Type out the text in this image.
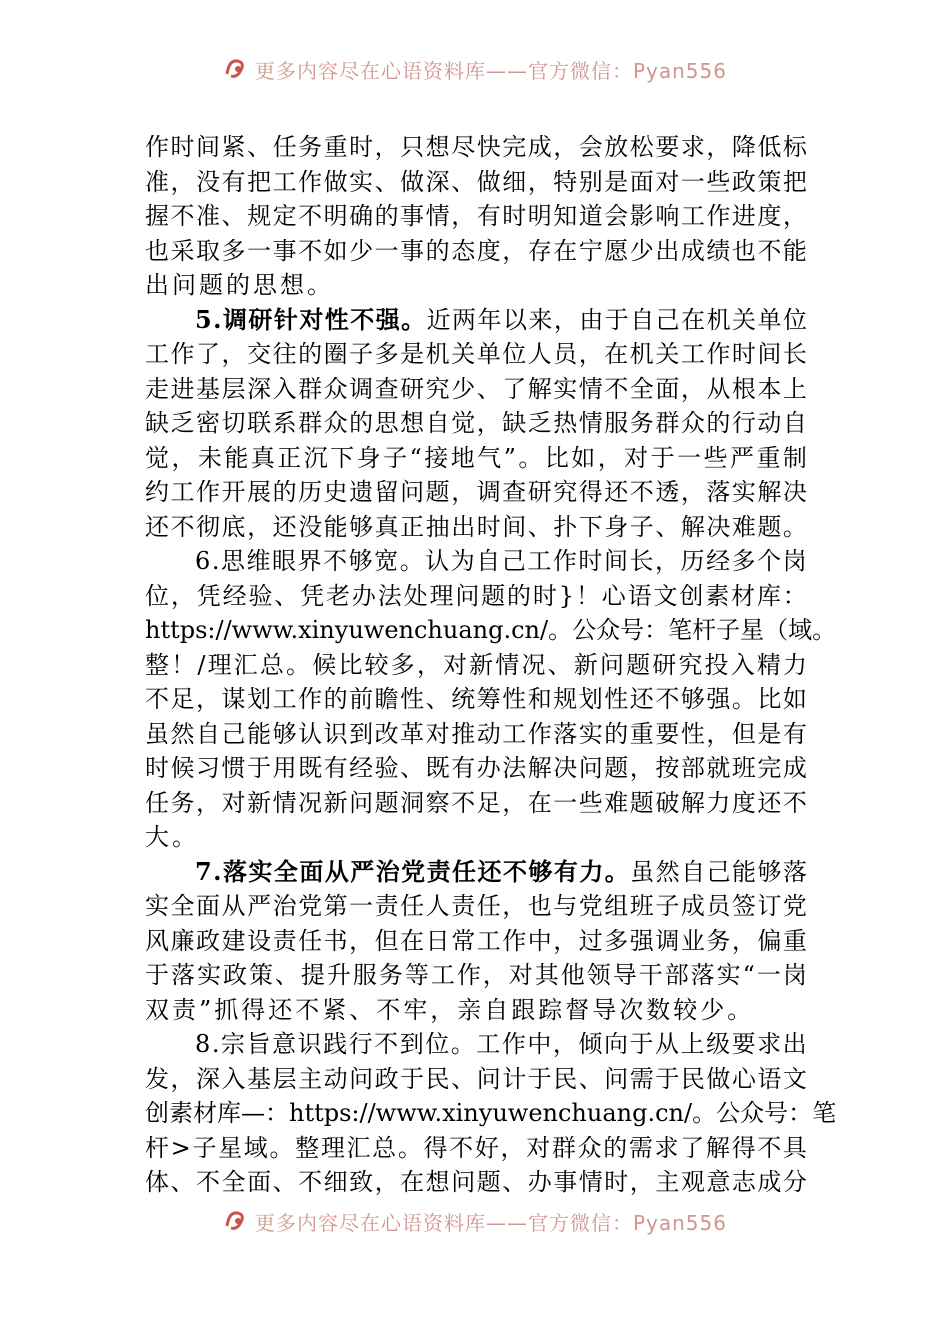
更多内容尽在心语资料库——官方微信：Pyan556
作 时 间 紧 、 任 务 重 时 ， 只 想 尽 快 完 成 ， 会 放 松 要 求 ， 降 低 标
准 ， 没 有 把 工 作 做 实 、 做 深 、 做 细 ， 特 别 是 面 对 一 些 政 策 把
握 不 准 、 规 定 不 明 确 的 事 情 ， 有 时 明 知 道 会 影 响 工 作 进 度 ，
也 采 取 多 一 事 不 如 少 一 事 的 态 度 ， 存 在 宁 愿 少 出 成 绩 也 不 能
出 问 题 的 思 想 。
5 . 调 研 针 对 性 不 强 。 近 两 年 以 来 ， 由 于 自 己 在 机 关 单 位
工 作 了 ， 交 往 的 圈 子 多 是 机 关 单 位 人 员 ， 在 机 关 工 作 时 间 长
走 进 基 层 深 入 群 众 调 查 研 究 少 、 了 解 实 情 不 全 面 ， 从 根 本 上
缺 乏 密 切 联 系 群 众 的 思 想 自 觉 ， 缺 乏 热 情 服 务 群 众 的 行 动 自
觉 ， 未 能 真 正 沉 下 身 子 “ 接 地 气 ” 。 比 如 ， 对 于 一 些 严 重 制
约 工 作 开 展 的 历 史 遗 留 问 题 ， 调 查 研 究 得 还 不 透 ， 落 实 解 决
还 不 彻 底 ， 还 没 能 够 真 正 抽 出 时 间 、 扑 下 身 子 、 解 决 难 题 。
6 . 思 维 眼 界 不 够 宽 。 认 为 自 己 工 作 时 间 长 ， 历 经 多 个 岗
位 ， 凭 经 验 、 凭 老 办 法 处 理 问 题 的 时 } ！ 心 语 文 创 素 材 库 ：
https://www.xinyuwenchuang.cn/ 。 公 众 号 ： 笔 杆 子 星 （ 域 。
整 ！ / 理 汇 总 。 候 比 较 多 ， 对 新 情 况 、 新 问 题 研 究 投 入 精 力
不 足 ， 谋 划 工 作 的 前 瞻 性 、 统 筹 性 和 规 划 性 还 不 够 强 。 比 如
虽 然 自 己 能 够 认 识 到 改 革 对 推 动 工 作 落 实 的 重 要 性 ， 但 是 有
时 候 习 惯 于 用 既 有 经 验 、 既 有 办 法 解 决 问 题 ， 按 部 就 班 完 成
任 务 ， 对 新 情 况 新 问 题 洞 察 不 足 ， 在 一 些 难 题 破 解 力 度 还 不
大 。
7 . 落 实 全 面 从 严 治 党 责 任 还 不 够 有 力 。 虽 然 自 己 能 够 落
实 全 面 从 严 治 党 第 一 责 任 人 责 任 ， 也 与 党 组 班 子 成 员 签 订 党
风 廉 政 建 设 责 任 书 ， 但 在 日 常 工 作 中 ， 过 多 强 调 业 务 ， 偏 重
于 落 实 政 策 、 提 升 服 务 等 工 作 ， 对 其 他 领 导 干 部 落 实 “ 一 岗
双 责 ” 抓 得 还 不 紧 、 不 牢 ， 亲 自 跟 踪 督 导 次 数 较 少 。
8 . 宗 旨 意 识 践 行 不 到 位 。 工 作 中 ， 倾 向 于 从 上 级 要 求 出
发 ， 深 入 基 层 主 动 问 政 于 民 、 问 计 于 民 、 问 需 于 民 做 心 语 文
创 素 材 库 — ： https://www.xinyuwenchuang.cn/ 。 公 众 号 ： 笔
杆 > 子 星 域 。 整 理 汇 总 。 得 不 好 ， 对 群 众 的 需 求 了 解 得 不 具
体 、 不 全 面 、 不 细 致 ， 在 想 问 题 、 办 事 情 时 ， 主 观 意 志 成 分
更多内容尽在心语资料库——官方微信：Pyan556
